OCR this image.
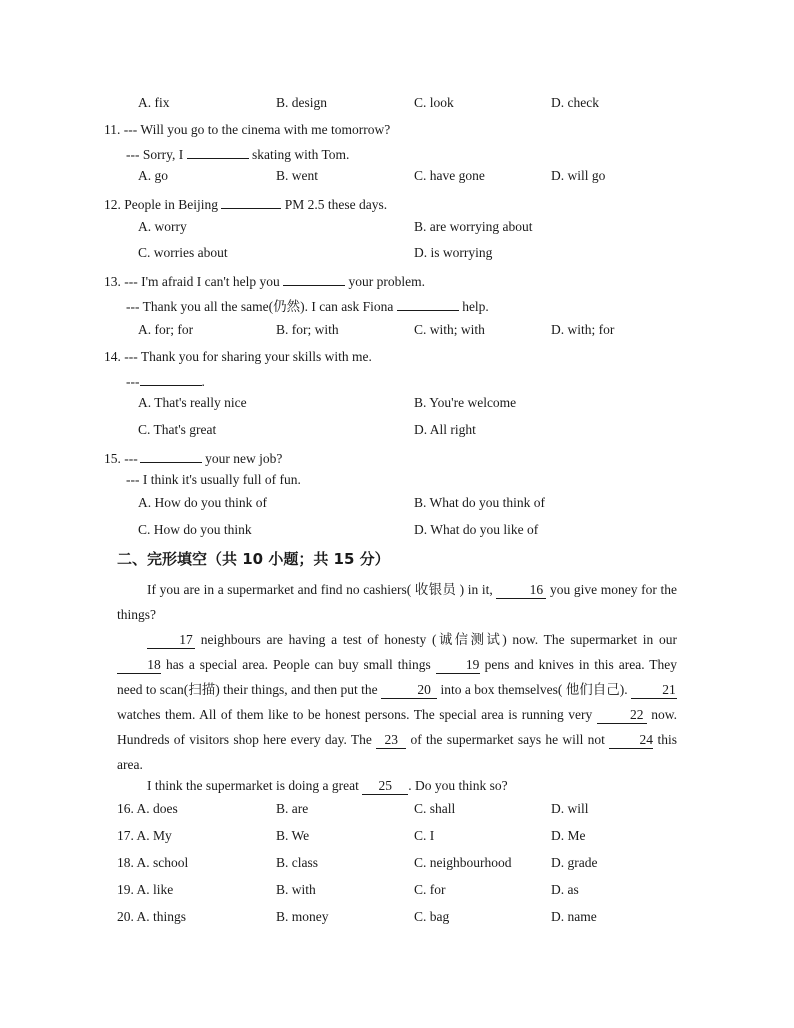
A. fix	B. design	C. look	D. check
11. --- Will you go to the cinema with me tomorrow?
--- Sorry, I	skating with Tom.
A. go	B. went	C. have gone	D. will go
12. People in Beijing	PM 2.5 these days.
A. worry	B. are worrying about
C. worries about	D. is worrying
13. --- I'm afraid I can't help you	your problem.
--- Thank you all the same(仍然). I can ask Fiona	help.
A. for; for	B. for; with	C. with; with	D. with; for
14. --- Thank you for sharing your skills with me.
---	.
A. That's really nice	B. You're welcome
C. That's great	D. All right
15. ---	your new job?
--- I think it's usually full of fun.
A. How do you think of	B. What do you think of
C. How do you think	D. What do you like of
二、完形填空（共 10 小题；共 15 分）
If you are in a supermarket and find no cashiers( 收银员 ) in it,	16 you give money for the things?
17 neighbours are having a test of honesty (诚信测试) now. The supermarket in our 18 has a special area. People can buy small things	19 pens and knives in this area. They need to scan(扫描) their things, and then put the	20 into a box themselves( 他们自己).	21 watches them. All of them like to be honest persons. The special area is running very	22 now. Hundreds of visitors shop here every day. The 23 of the supermarket says he will not	24 this area.
I think the supermarket is doing a great 25 . Do you think so?
16. A. does	B. are	C. shall	D. will
17. A. My	B. We	C. I	D. Me
18. A. school	B. class	C. neighbourhood	D. grade
19. A. like	B. with	C. for	D. as
20. A. things	B. money	C. bag	D. name
